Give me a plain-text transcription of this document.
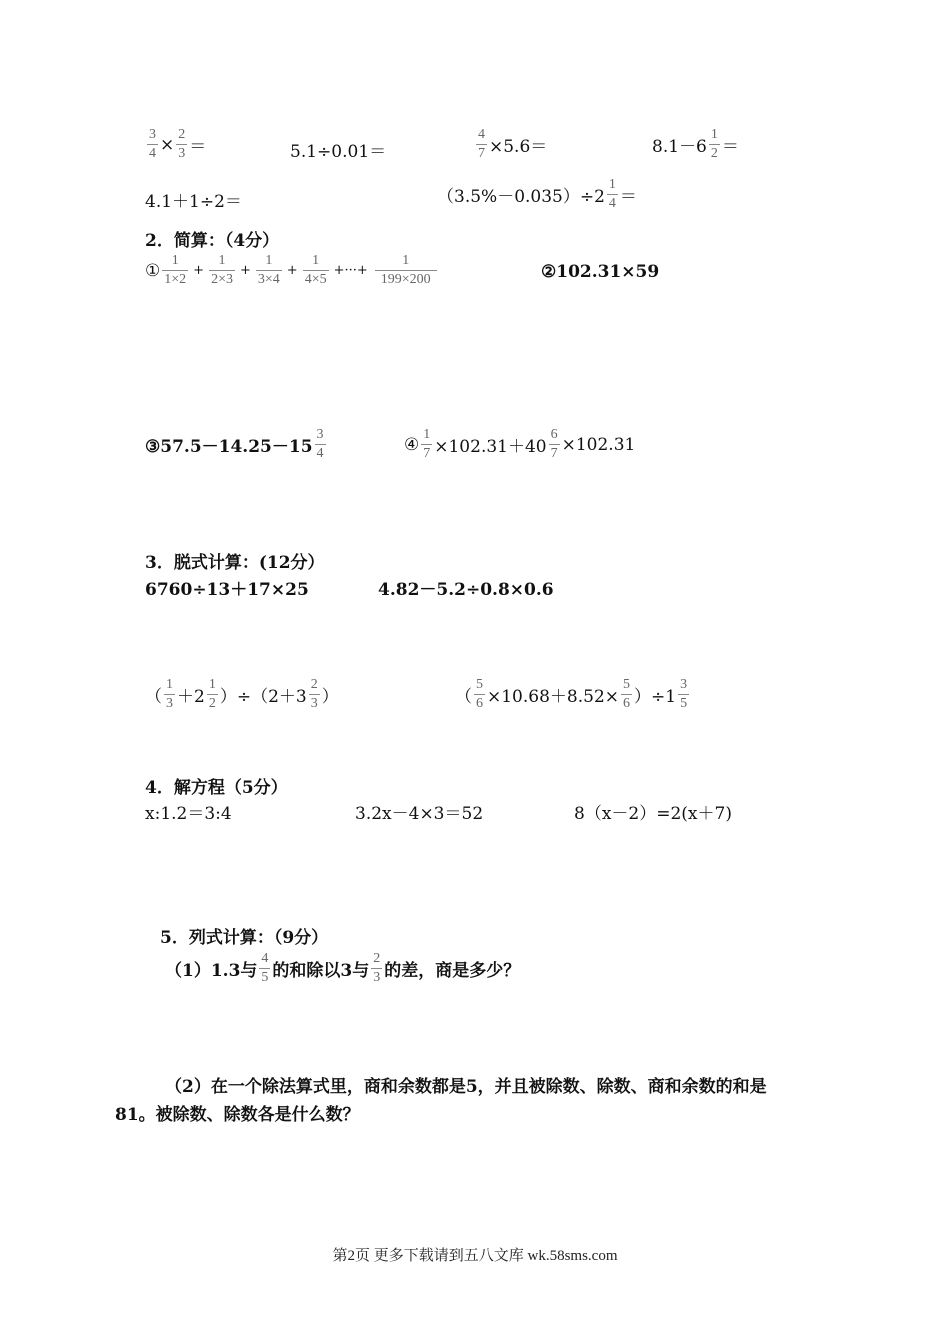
$\frac{3}{4} \times \frac{2}{3}$ ＝	5.1÷0.01＝	$\frac{4}{7} \times 5.6=$	$8.1-6 \frac{1}{2}$ ＝
4.1＋1÷2＝	$(3.5\%-0.035)\div 2 \frac{1}{4}$ ＝
2．简算：（4分）
① $\frac{1}{1\times 2} + \frac{1}{2\times 3} + \frac{1}{3\times 4} + \frac{1}{4\times 5}$ +···+ $\frac{1}{199\times 200}$	②102.31×59
③57.5－14.25－15 $\frac{3}{4}$	④ $\frac{1}{7} \times 102.31+40 \frac{6}{7} \times 102.31$
3．脱式计算：(12分）
6760÷13＋17×25	4.82－5.2÷0.8×0.6
（ $\frac{1}{3} +2 \frac{1}{2} )\div(2+3 \frac{2}{3}$ ）	（ $\frac{5}{6} \times 10.68+8.52\times \frac{5}{6} )\div 1 \frac{3}{5}$
4．解方程（5分）
x:1.2＝3:4	3.2x－4×3＝52	8（x－2）=2(x＋7)
5．列式计算：（9分）
（1）1.3与 $\frac{4}{5}$ 的和除以3与 $\frac{2}{3}$ 的差，商是多少？
（2）在一个除法算式里，商和余数都是5，并且被除数、除数、商和余数的和是
81。被除数、除数各是什么数？
第2页 更多下载请到五八文库 wk.58sms.com
